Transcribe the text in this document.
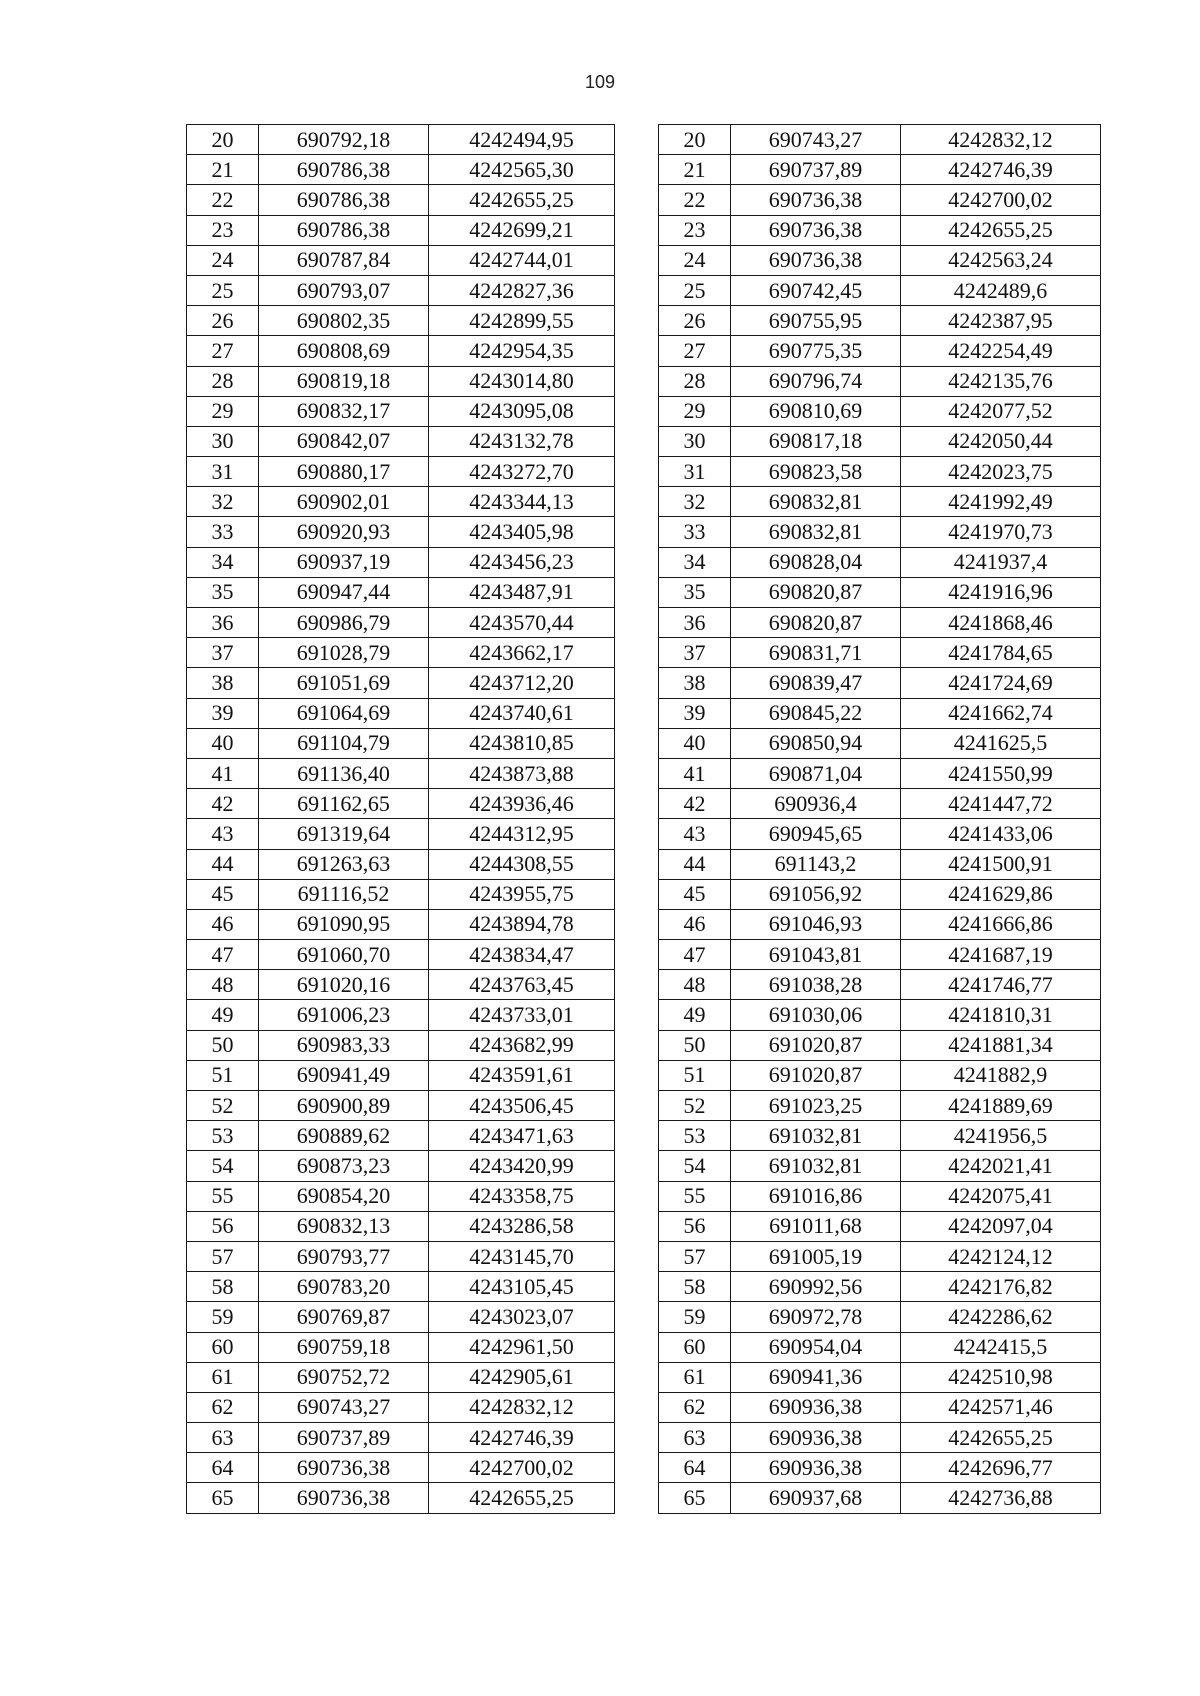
109
20	690792,18	4242494,95
21	690786,38	4242565,30
22	690786,38	4242655,25
23	690786,38	4242699,21
24	690787,84	4242744,01
25	690793,07	4242827,36
26	690802,35	4242899,55
27	690808,69	4242954,35
28	690819,18	4243014,80
29	690832,17	4243095,08
30	690842,07	4243132,78
31	690880,17	4243272,70
32	690902,01	4243344,13
33	690920,93	4243405,98
34	690937,19	4243456,23
35	690947,44	4243487,91
36	690986,79	4243570,44
37	691028,79	4243662,17
38	691051,69	4243712,20
39	691064,69	4243740,61
40	691104,79	4243810,85
41	691136,40	4243873,88
42	691162,65	4243936,46
43	691319,64	4244312,95
44	691263,63	4244308,55
45	691116,52	4243955,75
46	691090,95	4243894,78
47	691060,70	4243834,47
48	691020,16	4243763,45
49	691006,23	4243733,01
50	690983,33	4243682,99
51	690941,49	4243591,61
52	690900,89	4243506,45
53	690889,62	4243471,63
54	690873,23	4243420,99
55	690854,20	4243358,75
56	690832,13	4243286,58
57	690793,77	4243145,70
58	690783,20	4243105,45
59	690769,87	4243023,07
60	690759,18	4242961,50
61	690752,72	4242905,61
62	690743,27	4242832,12
63	690737,89	4242746,39
64	690736,38	4242700,02
65	690736,38	4242655,25
20	690743,27	4242832,12
21	690737,89	4242746,39
22	690736,38	4242700,02
23	690736,38	4242655,25
24	690736,38	4242563,24
25	690742,45	4242489,6
26	690755,95	4242387,95
27	690775,35	4242254,49
28	690796,74	4242135,76
29	690810,69	4242077,52
30	690817,18	4242050,44
31	690823,58	4242023,75
32	690832,81	4241992,49
33	690832,81	4241970,73
34	690828,04	4241937,4
35	690820,87	4241916,96
36	690820,87	4241868,46
37	690831,71	4241784,65
38	690839,47	4241724,69
39	690845,22	4241662,74
40	690850,94	4241625,5
41	690871,04	4241550,99
42	690936,4	4241447,72
43	690945,65	4241433,06
44	691143,2	4241500,91
45	691056,92	4241629,86
46	691046,93	4241666,86
47	691043,81	4241687,19
48	691038,28	4241746,77
49	691030,06	4241810,31
50	691020,87	4241881,34
51	691020,87	4241882,9
52	691023,25	4241889,69
53	691032,81	4241956,5
54	691032,81	4242021,41
55	691016,86	4242075,41
56	691011,68	4242097,04
57	691005,19	4242124,12
58	690992,56	4242176,82
59	690972,78	4242286,62
60	690954,04	4242415,5
61	690941,36	4242510,98
62	690936,38	4242571,46
63	690936,38	4242655,25
64	690936,38	4242696,77
65	690937,68	4242736,88
